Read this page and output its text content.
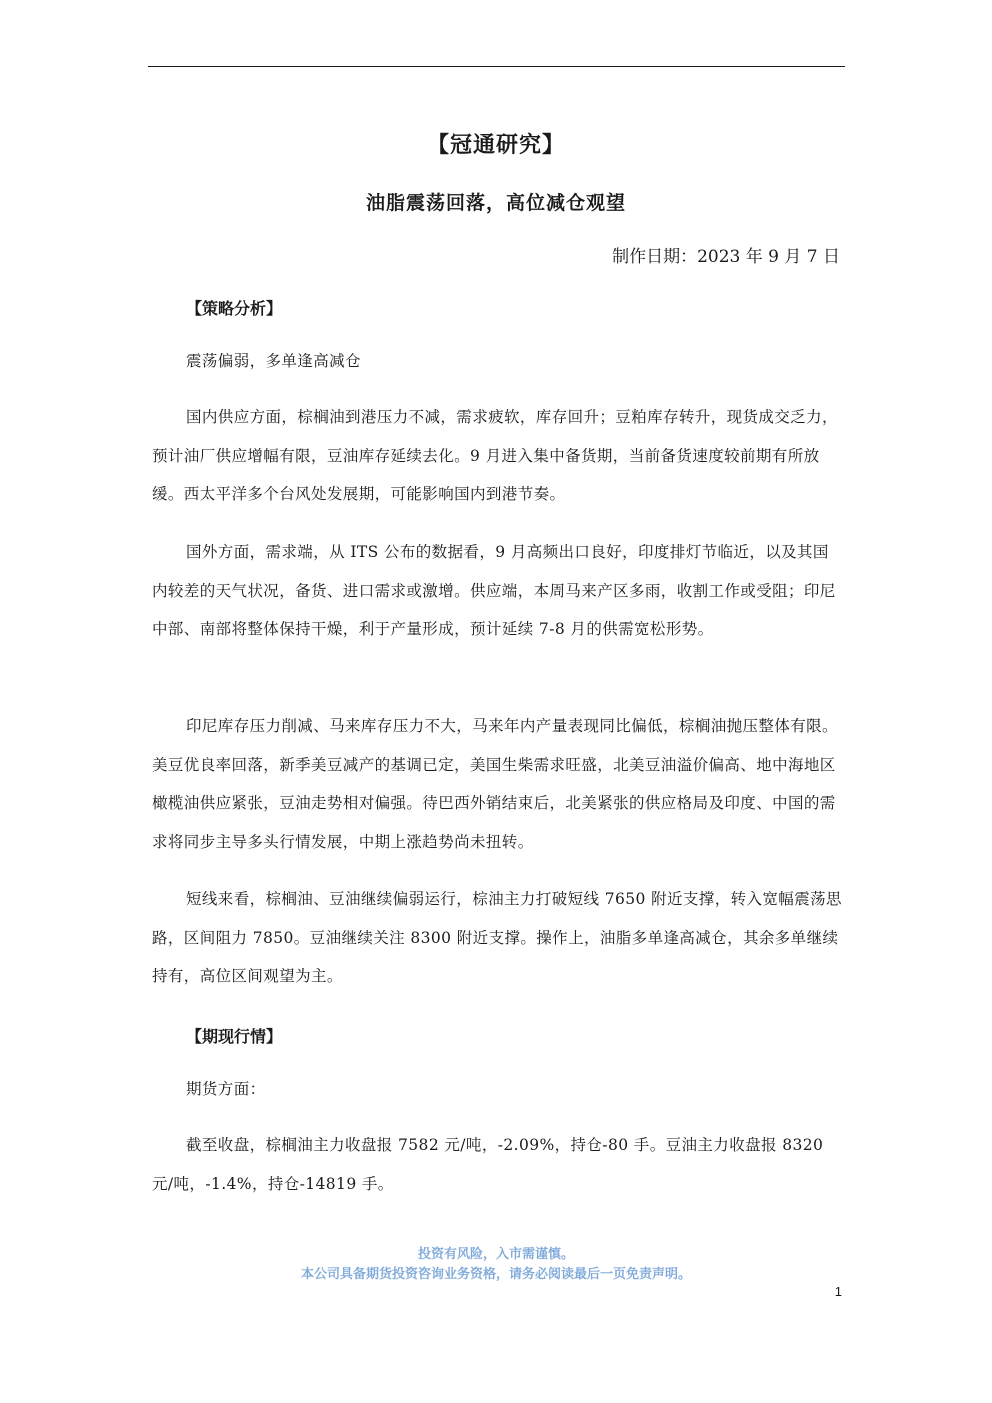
【冠通研究】
油脂震荡回落，高位减仓观望
制作日期：2023 年 9 月 7 日
【策略分析】

震荡偏弱，多单逢高减仓

国内供应方面，棕榈油到港压力不减，需求疲软，库存回升；豆粕库存转升，现货成交乏力，预计油厂供应增幅有限，豆油库存延续去化。9 月进入集中备货期，当前备货速度较前期有所放缓。西太平洋多个台风处发展期，可能影响国内到港节奏。

国外方面，需求端，从 ITS 公布的数据看，9 月高频出口良好，印度排灯节临近，以及其国内较差的天气状况，备货、进口需求或激增。供应端，本周马来产区多雨，收割工作或受阻；印尼中部、南部将整体保持干燥，利于产量形成，预计延续 7-8 月的供需宽松形势。

印尼库存压力削减、马来库存压力不大，马来年内产量表现同比偏低，棕榈油抛压整体有限。美豆优良率回落，新季美豆减产的基调已定，美国生柴需求旺盛，北美豆油溢价偏高、地中海地区橄榄油供应紧张，豆油走势相对偏强。待巴西外销结束后，北美紧张的供应格局及印度、中国的需求将同步主导多头行情发展，中期上涨趋势尚未扭转。

短线来看，棕榈油、豆油继续偏弱运行，棕油主力打破短线 7650 附近支撑，转入宽幅震荡思路，区间阻力 7850。豆油继续关注 8300 附近支撑。操作上，油脂多单逢高减仓，其余多单继续持有，高位区间观望为主。

【期现行情】

期货方面：

截至收盘，棕榈油主力收盘报 7582 元/吨，-2.09%，持仓-80 手。豆油主力收盘报 8320 元/吨，-1.4%，持仓-14819 手。

投资有风险，入市需谨慎。
本公司具备期货投资咨询业务资格，请务必阅读最后一页免责声明。
1
